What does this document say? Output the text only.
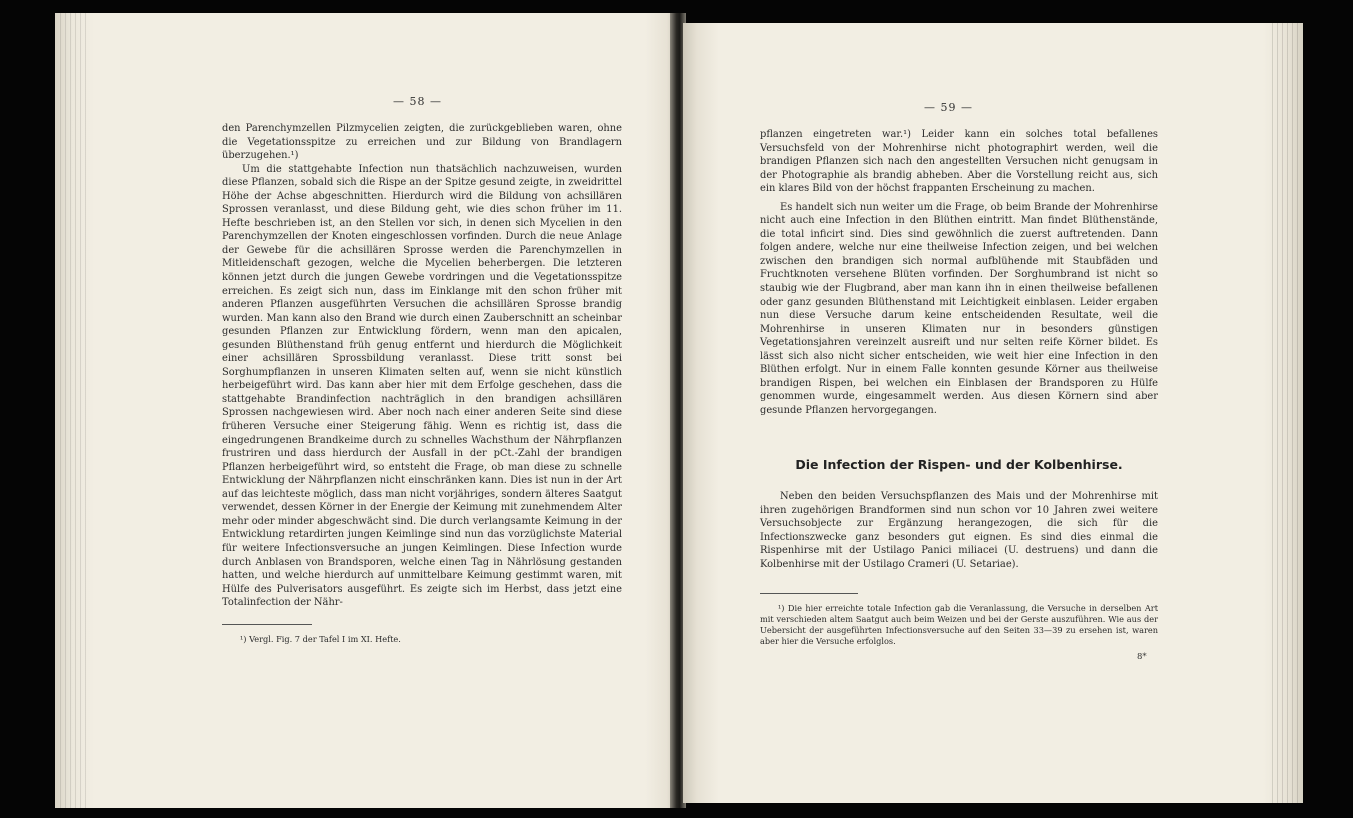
— 58 —

den Parenchymzellen Pilzmycelien zeigten, die zurückgeblieben waren, ohne die Vegetationsspitze zu erreichen und zur Bildung von Brandlagern überzugehen.¹)

Um die stattgehabte Infection nun thatsächlich nachzuweisen, wurden diese Pflanzen, sobald sich die Rispe an der Spitze gesund zeigte, in zweidrittel Höhe der Achse abgeschnitten. Hierdurch wird die Bildung von achsillären Sprossen veranlasst, und diese Bildung geht, wie dies schon früher im 11. Hefte beschrieben ist, an den Stellen vor sich, in denen sich Mycelien in den Parenchymzellen der Knoten eingeschlossen vorfinden. Durch die neue Anlage der Gewebe für die achsillären Sprosse werden die Parenchymzellen in Mitleidenschaft gezogen, welche die Mycelien beherbergen. Die letzteren können jetzt durch die jungen Gewebe vordringen und die Vegetationsspitze erreichen. Es zeigt sich nun, dass im Einklange mit den schon früher mit anderen Pflanzen ausgeführten Versuchen die achsillären Sprosse brandig wurden. Man kann also den Brand wie durch einen Zauberschnitt an scheinbar gesunden Pflanzen zur Entwicklung fördern, wenn man den apicalen, gesunden Blüthenstand früh genug entfernt und hierdurch die Möglichkeit einer achsillären Sprossbildung veranlasst. Diese tritt sonst bei Sorghumpflanzen in unseren Klimaten selten auf, wenn sie nicht künstlich herbeigeführt wird. Das kann aber hier mit dem Erfolge geschehen, dass die stattgehabte Brandinfection nachträglich in den brandigen achsillären Sprossen nachgewiesen wird. Aber noch nach einer anderen Seite sind diese früheren Versuche einer Steigerung fähig. Wenn es richtig ist, dass die eingedrungenen Brandkeime durch zu schnelles Wachsthum der Nährpflanzen frustriren und dass hierdurch der Ausfall in der pCt.-Zahl der brandigen Pflanzen herbeigeführt wird, so entsteht die Frage, ob man diese zu schnelle Entwicklung der Nährpflanzen nicht einschränken kann. Dies ist nun in der Art auf das leichteste möglich, dass man nicht vorjähriges, sondern älteres Saatgut verwendet, dessen Körner in der Energie der Keimung mit zunehmendem Alter mehr oder minder abgeschwächt sind. Die durch verlangsamte Keimung in der Entwicklung retardirten jungen Keimlinge sind nun das vorzüglichste Material für weitere Infectionsversuche an jungen Keimlingen. Diese Infection wurde durch Anblasen von Brandsporen, welche einen Tag in Nährlösung gestanden hatten, und welche hierdurch auf unmittelbare Keimung gestimmt waren, mit Hülfe des Pulverisators ausgeführt. Es zeigte sich im Herbst, dass jetzt eine Totalinfection der Nähr-

¹) Vergl. Fig. 7 der Tafel I im XI. Hefte.
— 59 —

pflanzen eingetreten war.¹) Leider kann ein solches total befallenes Versuchsfeld von der Mohrenhirse nicht photographirt werden, weil die brandigen Pflanzen sich nach den angestellten Versuchen nicht genugsam in der Photographie als brandig abheben. Aber die Vorstellung reicht aus, sich ein klares Bild von der höchst frappanten Erscheinung zu machen.

Es handelt sich nun weiter um die Frage, ob beim Brande der Mohrenhirse nicht auch eine Infection in den Blüthen eintritt. Man findet Blüthenstände, die total inficirt sind. Dies sind gewöhnlich die zuerst auftretenden. Dann folgen andere, welche nur eine theilweise Infection zeigen, und bei welchen zwischen den brandigen sich normal aufblühende mit Staubfäden und Fruchtknoten versehene Blüten vorfinden. Der Sorghumbrand ist nicht so staubig wie der Flugbrand, aber man kann ihn in einen theilweise befallenen oder ganz gesunden Blüthenstand mit Leichtigkeit einblasen. Leider ergaben nun diese Versuche darum keine entscheidenden Resultate, weil die Mohrenhirse in unseren Klimaten nur in besonders günstigen Vegetationsjahren vereinzelt ausreift und nur selten reife Körner bildet. Es lässt sich also nicht sicher entscheiden, wie weit hier eine Infection in den Blüthen erfolgt. Nur in einem Falle konnten gesunde Körner aus theilweise brandigen Rispen, bei welchen ein Einblasen der Brandsporen zu Hülfe genommen wurde, eingesammelt werden. Aus diesen Körnern sind aber gesunde Pflanzen hervorgegangen.

Die Infection der Rispen- und der Kolbenhirse.

Neben den beiden Versuchspflanzen des Mais und der Mohrenhirse mit ihren zugehörigen Brandformen sind nun schon vor 10 Jahren zwei weitere Versuchsobjecte zur Ergänzung herangezogen, die sich für die Infectionszwecke ganz besonders gut eignen. Es sind dies einmal die Rispenhirse mit der Ustilago Panici miliacei (U. destruens) und dann die Kolbenhirse mit der Ustilago Crameri (U. Setariae).

¹) Die hier erreichte totale Infection gab die Veranlassung, die Versuche in derselben Art mit verschieden altem Saatgut auch beim Weizen und bei der Gerste auszuführen. Wie aus der Uebersicht der ausgeführten Infectionsversuche auf den Seiten 33—39 zu ersehen ist, waren aber hier die Versuche erfolglos.
8*
